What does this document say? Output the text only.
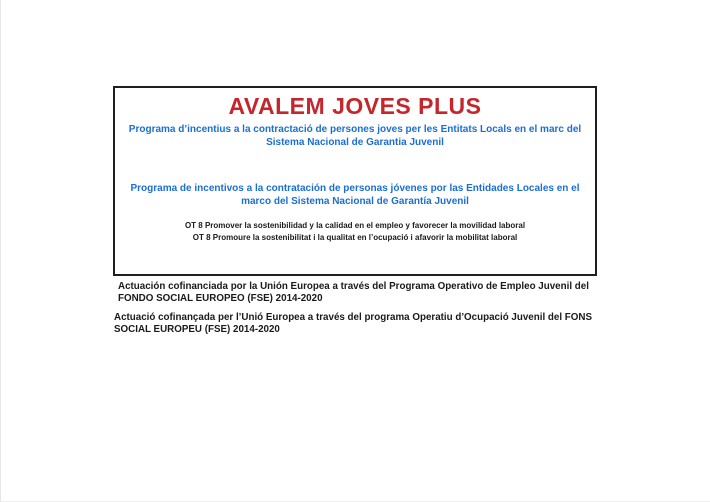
AVALEM JOVES PLUS
Programa d’incentius a la contractació de persones joves per les Entitats Locals en el marc del
Sistema Nacional de Garantia Juvenil
Programa de incentivos a la contratación de personas jóvenes por las Entidades Locales en el
marco del Sistema Nacional de Garantía Juvenil
OT 8 Promover la sostenibilidad y la calidad en el empleo y favorecer la movilidad laboral
OT 8 Promoure la sostenibilitat i la qualitat en l’ocupació i afavorir la mobilitat laboral

Actuación cofinanciada por la Unión Europea a través del Programa Operativo de Empleo Juvenil del
FONDO SOCIAL EUROPEO (FSE) 2014-2020

Actuació cofinançada per l’Unió Europea a través del programa Operatiu d’Ocupació Juvenil del FONS
SOCIAL EUROPEU (FSE) 2014-2020
